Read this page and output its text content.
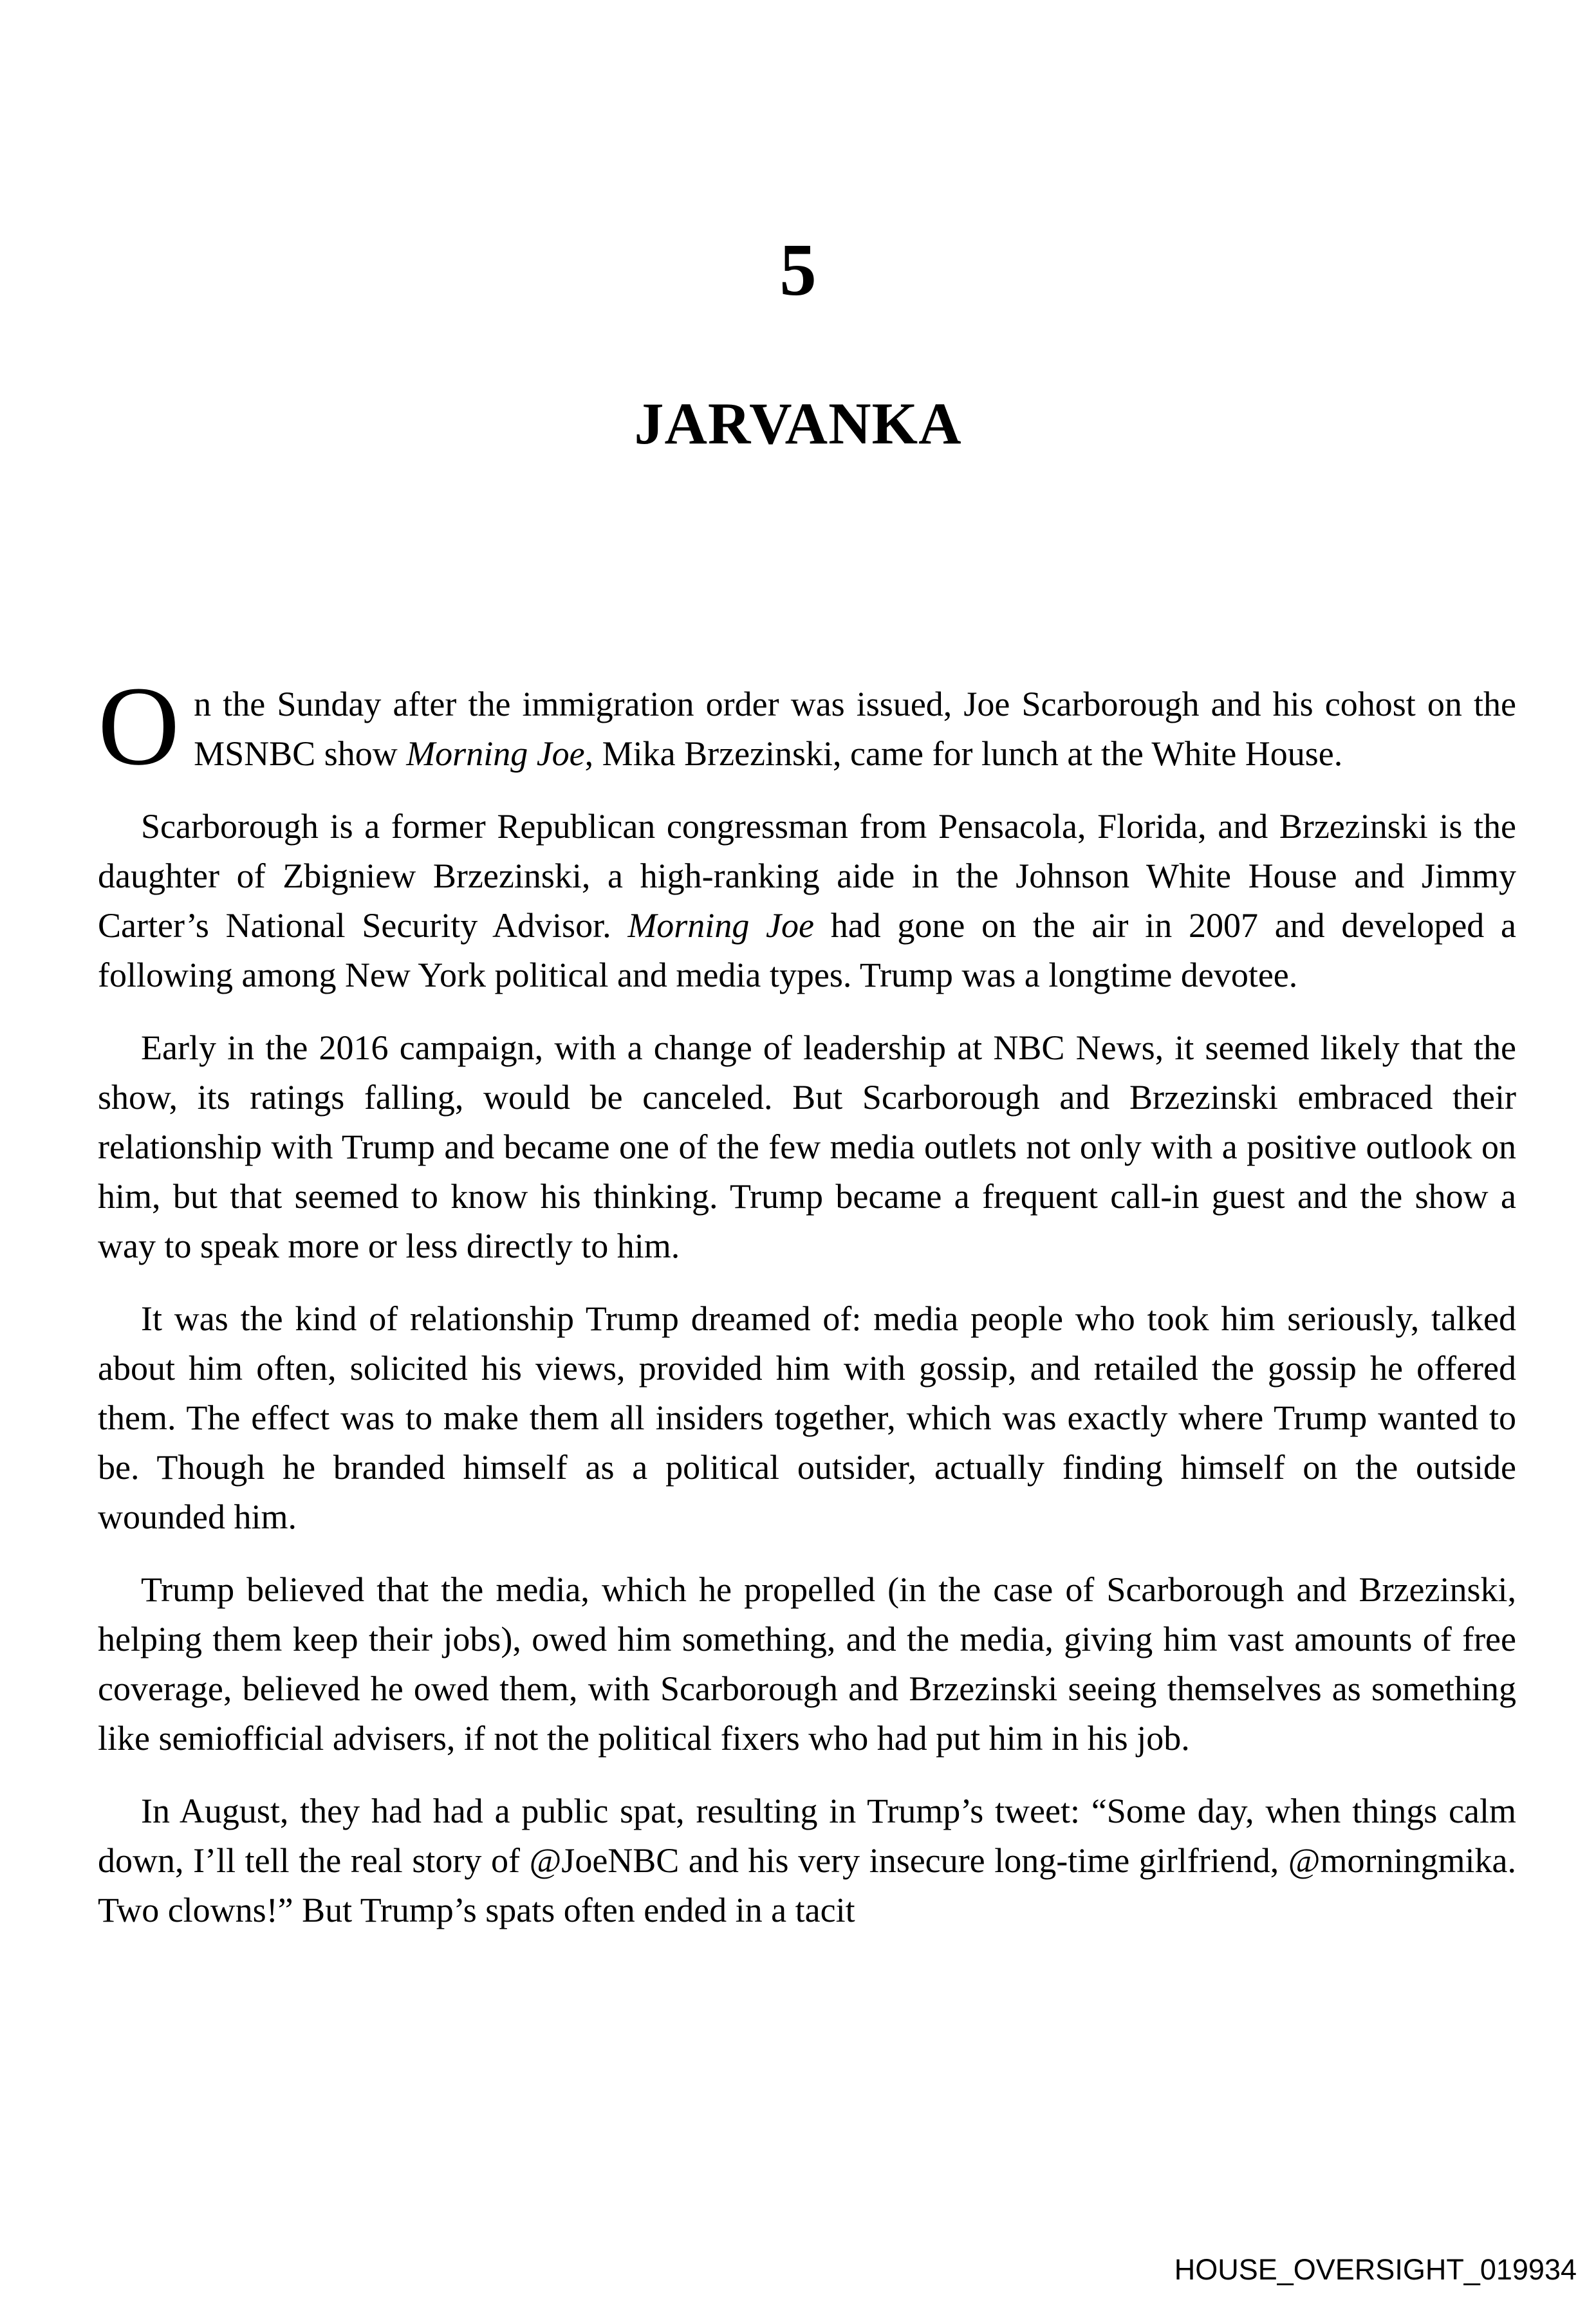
5
JARVANKA

On the Sunday after the immigration order was issued, Joe Scarborough and his cohost on the MSNBC show Morning Joe, Mika Brzezinski, came for lunch at the White House.

Scarborough is a former Republican congressman from Pensacola, Florida, and Brzezinski is the daughter of Zbigniew Brzezinski, a high-ranking aide in the Johnson White House and Jimmy Carter’s National Security Advisor. Morning Joe had gone on the air in 2007 and developed a following among New York political and media types. Trump was a longtime devotee.

Early in the 2016 campaign, with a change of leadership at NBC News, it seemed likely that the show, its ratings falling, would be canceled. But Scarborough and Brzezinski embraced their relationship with Trump and became one of the few media outlets not only with a positive outlook on him, but that seemed to know his thinking. Trump became a frequent call-in guest and the show a way to speak more or less directly to him.

It was the kind of relationship Trump dreamed of: media people who took him seriously, talked about him often, solicited his views, provided him with gossip, and retailed the gossip he offered them. The effect was to make them all insiders together, which was exactly where Trump wanted to be. Though he branded himself as a political outsider, actually finding himself on the outside wounded him.

Trump believed that the media, which he propelled (in the case of Scarborough and Brzezinski, helping them keep their jobs), owed him something, and the media, giving him vast amounts of free coverage, believed he owed them, with Scarborough and Brzezinski seeing themselves as something like semiofficial advisers, if not the political fixers who had put him in his job.

In August, they had had a public spat, resulting in Trump’s tweet: “Some day, when things calm down, I’ll tell the real story of @JoeNBC and his very insecure long-time girlfriend, @morningmika. Two clowns!” But Trump’s spats often ended in a tacit

HOUSE_OVERSIGHT_019934
